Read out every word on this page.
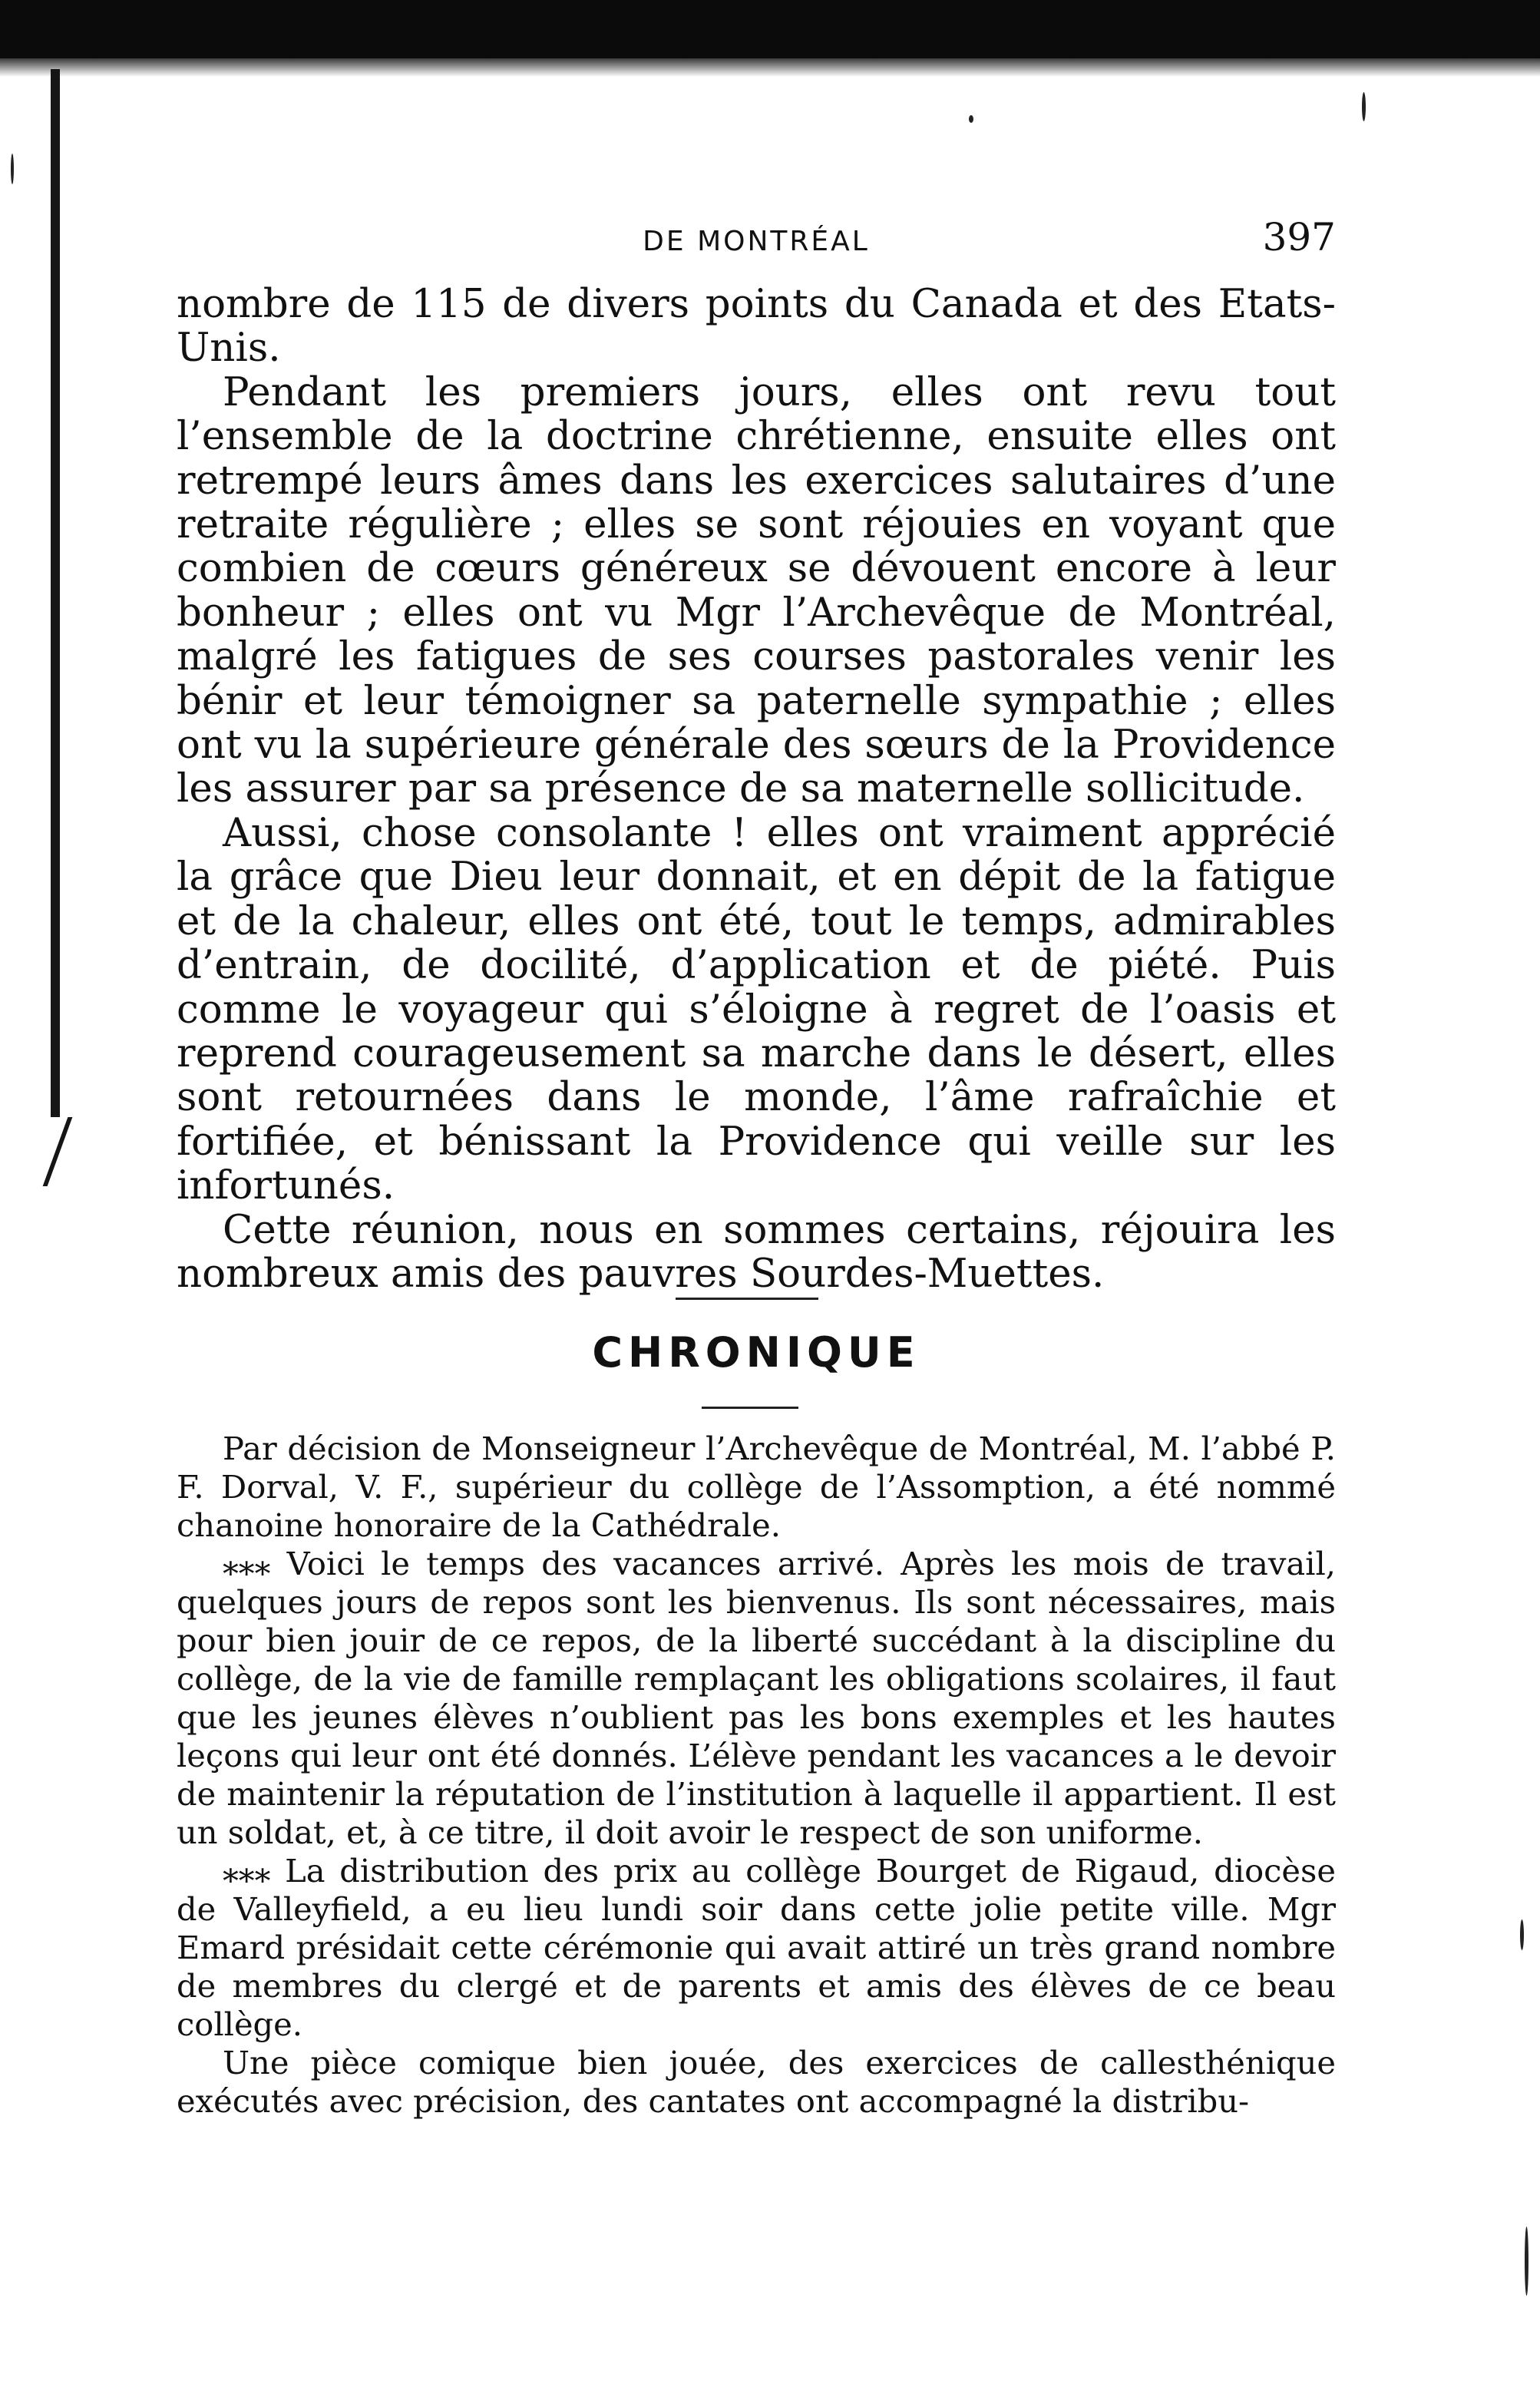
DE MONTRÉAL	397

nombre de 115 de divers points du Canada et des Etats-Unis.

Pendant les premiers jours, elles ont revu tout l’ensemble de la doctrine chrétienne, ensuite elles ont retrempé leurs âmes dans les exercices salutaires d’une retraite régulière ; elles se sont réjouies en voyant que combien de cœurs généreux se dévouent encore à leur bonheur ; elles ont vu Mgr l’Archevêque de Montréal, malgré les fatigues de ses courses pastorales venir les bénir et leur témoigner sa paternelle sympathie ; elles ont vu la supérieure générale des sœurs de la Providence les assurer par sa présence de sa maternelle sollicitude.

Aussi, chose consolante ! elles ont vraiment apprécié la grâce que Dieu leur donnait, et en dépit de la fatigue et de la chaleur, elles ont été, tout le temps, admirables d’entrain, de docilité, d’application et de piété. Puis comme le voyageur qui s’éloigne à regret de l’oasis et reprend courageusement sa marche dans le désert, elles sont retournées dans le monde, l’âme rafraîchie et fortifiée, et bénissant la Providence qui veille sur les infortunés.

Cette réunion, nous en sommes certains, réjouira les nombreux amis des pauvres Sourdes-Muettes.

CHRONIQUE

Par décision de Monseigneur l’Archevêque de Montréal, M. l’abbé P. F. Dorval, V. F., supérieur du collège de l’Assomption, a été nommé chanoine honoraire de la Cathédrale.

⁎⁎⁎ Voici le temps des vacances arrivé. Après les mois de travail, quelques jours de repos sont les bienvenus. Ils sont nécessaires, mais pour bien jouir de ce repos, de la liberté succédant à la discipline du collège, de la vie de famille remplaçant les obligations scolaires, il faut que les jeunes élèves n’oublient pas les bons exemples et les hautes leçons qui leur ont été donnés. L’élève pendant les vacances a le devoir de maintenir la réputation de l’institution à laquelle il appartient. Il est un soldat, et, à ce titre, il doit avoir le respect de son uniforme.

⁎⁎⁎ La distribution des prix au collège Bourget de Rigaud, diocèse de Valleyfield, a eu lieu lundi soir dans cette jolie petite ville. Mgr Emard présidait cette cérémonie qui avait attiré un très grand nombre de membres du clergé et de parents et amis des élèves de ce beau collège.

Une pièce comique bien jouée, des exercices de callesthénique exécutés avec précision, des cantates ont accompagné la distribu-
